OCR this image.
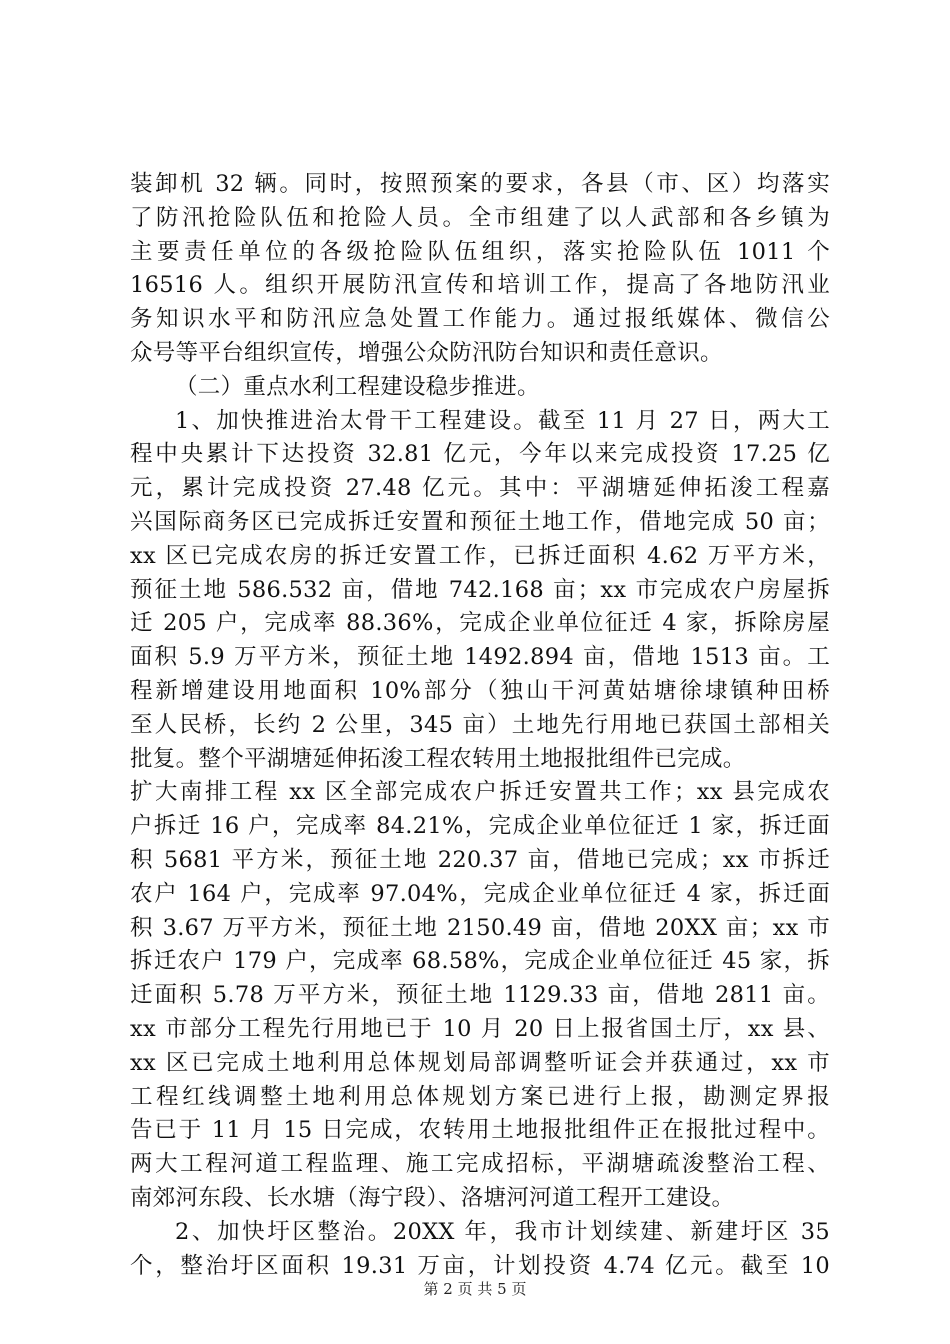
装卸机 32 辆。同时，按照预案的要求，各县（市、区）均落实
了防汛抢险队伍和抢险人员。全市组建了以人武部和各乡镇为
主要责任单位的各级抢险队伍组织，落实抢险队伍 1011 个
16516 人。组织开展防汛宣传和培训工作，提高了各地防汛业
务知识水平和防汛应急处置工作能力。通过报纸媒体、微信公
众号等平台组织宣传，增强公众防汛防台知识和责任意识。
（二）重点水利工程建设稳步推进。
1、加快推进治太骨干工程建设。截至 11 月 27 日，两大工
程中央累计下达投资 32.81 亿元，今年以来完成投资 17.25 亿
元，累计完成投资 27.48 亿元。其中：平湖塘延伸拓浚工程嘉
兴国际商务区已完成拆迁安置和预征土地工作，借地完成 50 亩；
xx 区已完成农房的拆迁安置工作，已拆迁面积 4.62 万平方米，
预征土地 586.532 亩，借地 742.168 亩；xx 市完成农户房屋拆
迁 205 户，完成率 88.36%，完成企业单位征迁 4 家，拆除房屋
面积 5.9 万平方米，预征土地 1492.894 亩，借地 1513 亩。工
程新增建设用地面积 10%部分（独山干河黄姑塘徐埭镇种田桥
至人民桥，长约 2 公里，345 亩）土地先行用地已获国土部相关
批复。整个平湖塘延伸拓浚工程农转用土地报批组件已完成。
扩大南排工程 xx 区全部完成农户拆迁安置共工作；xx 县完成农
户拆迁 16 户，完成率 84.21%，完成企业单位征迁 1 家，拆迁面
积 5681 平方米，预征土地 220.37 亩，借地已完成；xx 市拆迁
农户 164 户，完成率 97.04%，完成企业单位征迁 4 家，拆迁面
积 3.67 万平方米，预征土地 2150.49 亩，借地 20XX 亩；xx 市
拆迁农户 179 户，完成率 68.58%，完成企业单位征迁 45 家，拆
迁面积 5.78 万平方米，预征土地 1129.33 亩，借地 2811 亩。
xx 市部分工程先行用地已于 10 月 20 日上报省国土厅，xx 县、
xx 区已完成土地利用总体规划局部调整听证会并获通过，xx 市
工程红线调整土地利用总体规划方案已进行上报，勘测定界报
告已于 11 月 15 日完成，农转用土地报批组件正在报批过程中。
两大工程河道工程监理、施工完成招标，平湖塘疏浚整治工程、
南郊河东段、长水塘（海宁段）、洛塘河河道工程开工建设。
2、加快圩区整治。20XX 年，我市计划续建、新建圩区 35
个，整治圩区面积 19.31 万亩，计划投资 4.74 亿元。截至 10
第 2 页 共 5 页
